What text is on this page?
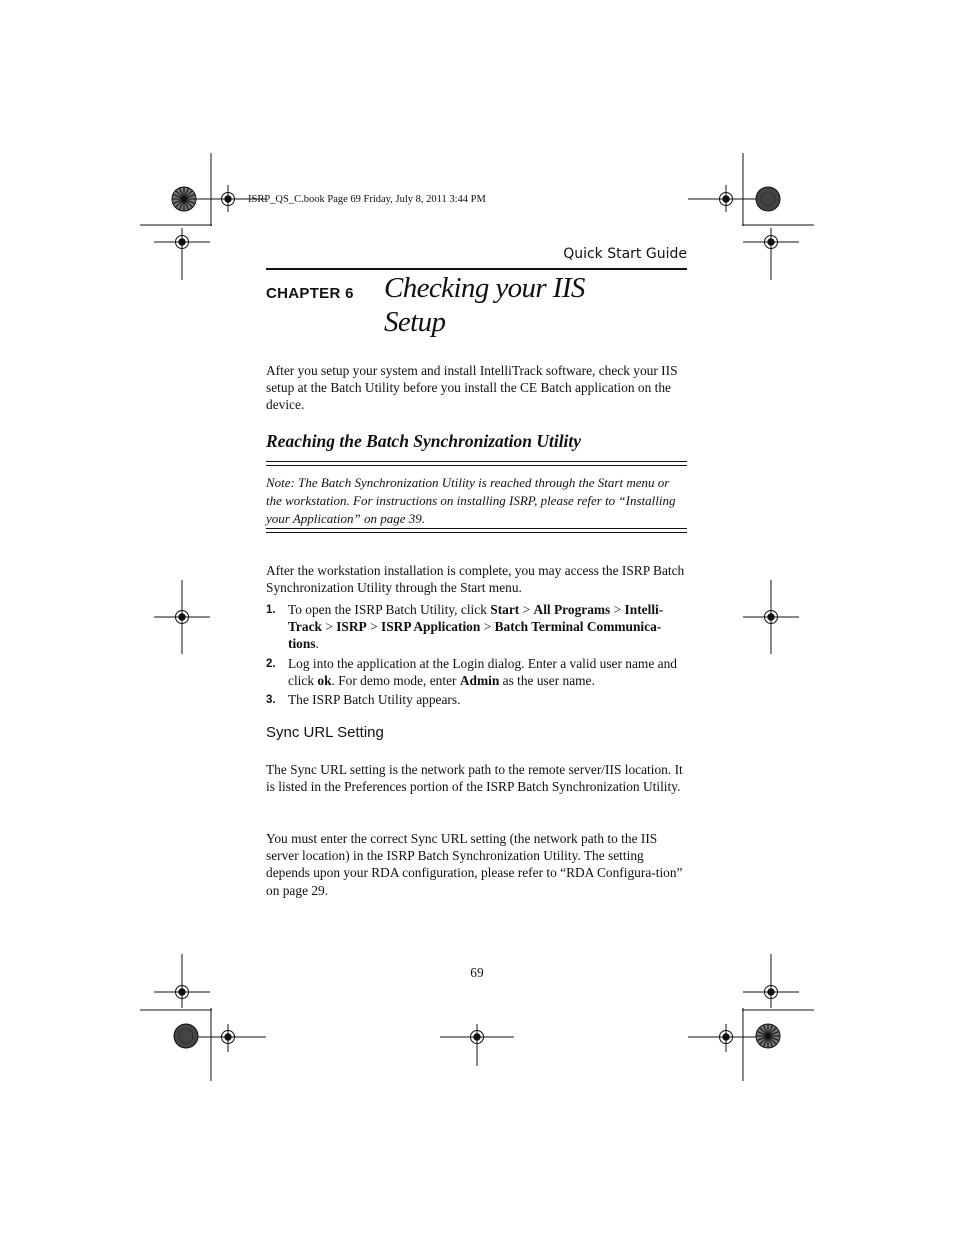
ISRP_QS_C.book Page 69 Friday, July 8, 2011 3:44 PM
Quick Start Guide
CHAPTER 6 Checking your IIS
Setup
After you setup your system and install IntelliTrack software, check your IIS setup at the Batch Utility before you install the CE Batch application on the device.
Reaching the Batch Synchronization Utility
Note: The Batch Synchronization Utility is reached through the Start menu or the workstation. For instructions on installing ISRP, please refer to “Installing your Application” on page 39.
After the workstation installation is complete, you may access the ISRP Batch Synchronization Utility through the Start menu.
1. To open the ISRP Batch Utility, click Start > All Programs > Intelli-Track > ISRP > ISRP Application > Batch Terminal Communica-tions.
2. Log into the application at the Login dialog. Enter a valid user name and click ok. For demo mode, enter Admin as the user name.
3. The ISRP Batch Utility appears.
Sync URL Setting
The Sync URL setting is the network path to the remote server/IIS location. It is listed in the Preferences portion of the ISRP Batch Synchronization Utility.
You must enter the correct Sync URL setting (the network path to the IIS server location) in the ISRP Batch Synchronization Utility. The setting depends upon your RDA configuration, please refer to “RDA Configura-tion” on page 29.
69
